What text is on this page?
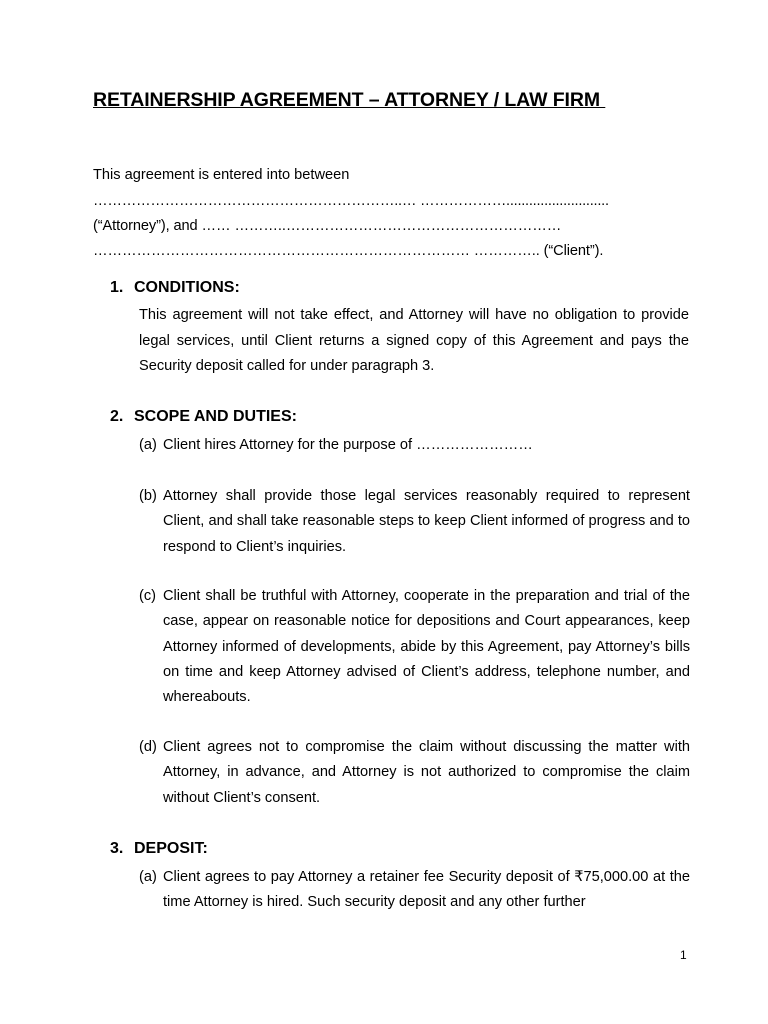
RETAINERSHIP AGREEMENT – ATTORNEY / LAW FIRM

This agreement is entered into between

………………………………………………………..… ………………...........................

(“Attorney”), and …… ………..…………………………………………………

…………………………………………………………………… ………….. (“Client”).

1. CONDITIONS:

This agreement will not take effect, and Attorney will have no obligation to provide legal services, until Client returns a signed copy of this Agreement and pays the Security deposit called for under paragraph 3.

2. SCOPE AND DUTIES:
(a) Client hires Attorney for the purpose of ……………………
(b) Attorney shall provide those legal services reasonably required to represent Client, and shall take reasonable steps to keep Client informed of progress and to respond to Client’s inquiries.
(c) Client shall be truthful with Attorney, cooperate in the preparation and trial of the case, appear on reasonable notice for depositions and Court appearances, keep Attorney informed of developments, abide by this Agreement, pay Attorney’s bills on time and keep Attorney advised of Client’s address, telephone number, and whereabouts.
(d) Client agrees not to compromise the claim without discussing the matter with Attorney, in advance, and Attorney is not authorized to compromise the claim without Client’s consent.
3. DEPOSIT:
(a) Client agrees to pay Attorney a retainer fee Security deposit of ₹75,000.00 at the time Attorney is hired. Such security deposit and any other further

1
